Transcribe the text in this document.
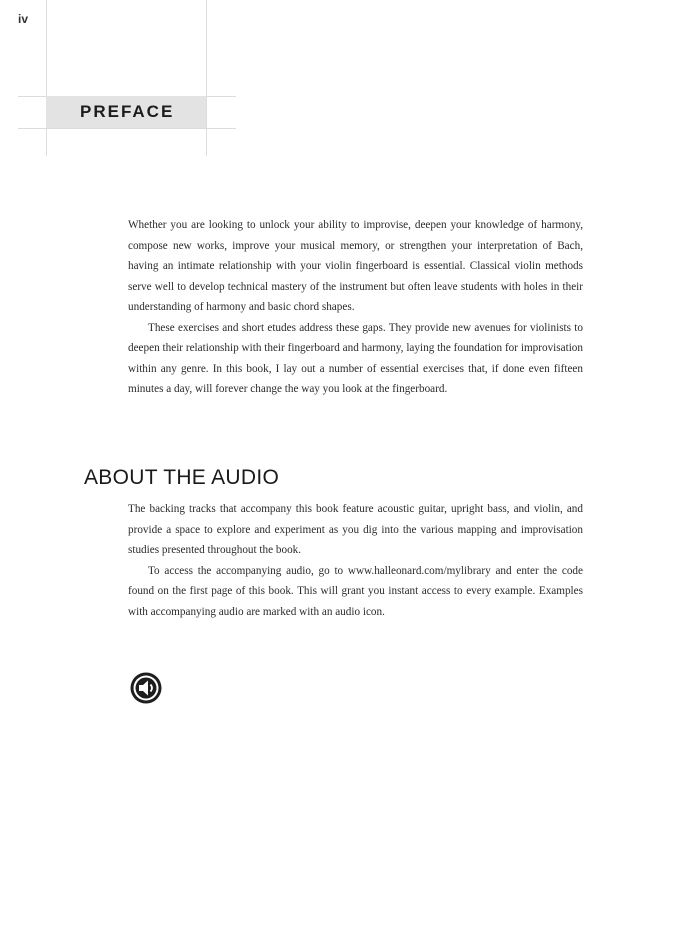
iv
PREFACE

Whether you are looking to unlock your ability to improvise, deepen your knowledge of harmony, compose new works, improve your musical memory, or strengthen your interpretation of Bach, having an intimate relationship with your violin fingerboard is essential. Classical violin methods serve well to develop technical mastery of the instrument but often leave students with holes in their understanding of harmony and basic chord shapes.

These exercises and short etudes address these gaps. They provide new avenues for violinists to deepen their relationship with their fingerboard and harmony, laying the foundation for improvisation within any genre. In this book, I lay out a number of essential exercises that, if done even fifteen minutes a day, will forever change the way you look at the fingerboard.

ABOUT THE AUDIO

The backing tracks that accompany this book feature acoustic guitar, upright bass, and violin, and provide a space to explore and experiment as you dig into the various mapping and improvisation studies presented throughout the book.

To access the accompanying audio, go to www.halleonard.com/mylibrary and enter the code found on the first page of this book. This will grant you instant access to every example. Examples with accompanying audio are marked with an audio icon.
